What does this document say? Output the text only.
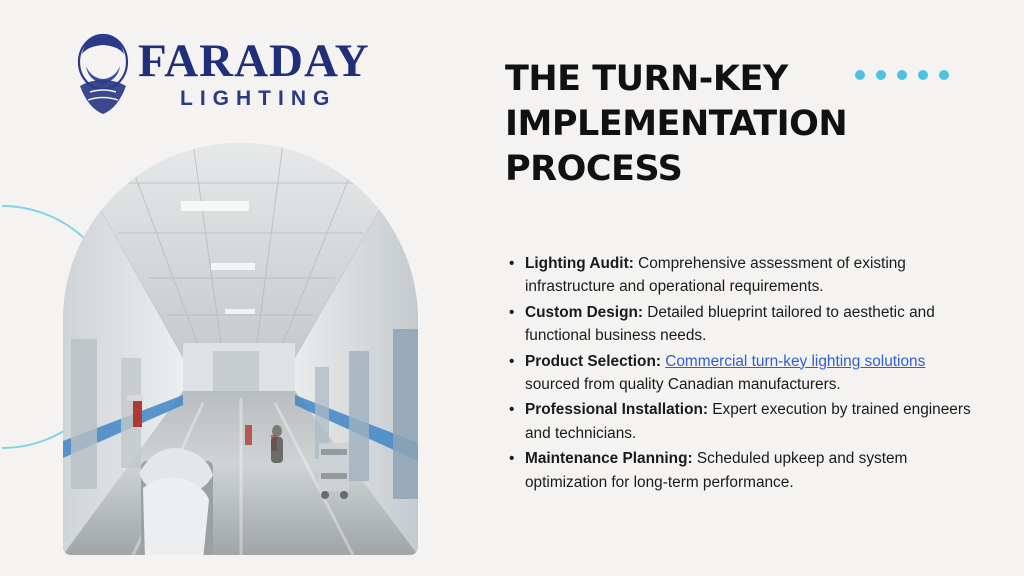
FARADAY
LIGHTING	THE TURN-KEY IMPLEMENTATION PROCESS
• Lighting Audit: Comprehensive assessment of existing infrastructure and operational requirements.
• Custom Design: Detailed blueprint tailored to aesthetic and functional business needs.
• Product Selection: Commercial turn-key lighting solutions sourced from quality Canadian manufacturers.
• Professional Installation: Expert execution by trained engineers and technicians.
• Maintenance Planning: Scheduled upkeep and system optimization for long-term performance.
